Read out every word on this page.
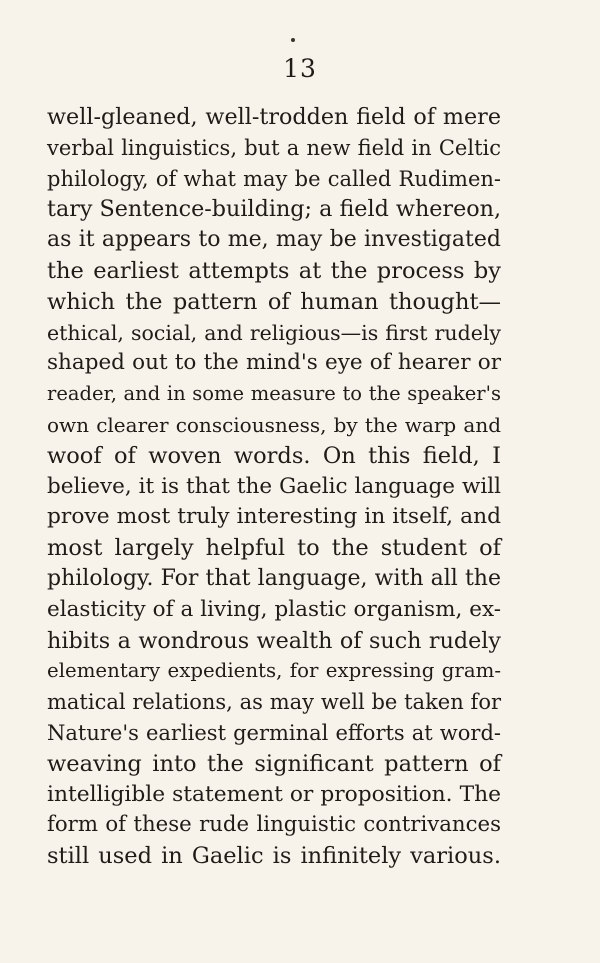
13
well-gleaned, well-trodden field of mere
verbal linguistics, but a new field in Celtic
philology, of what may be called Rudimen-
tary Sentence-building; a field whereon,
as it appears to me, may be investigated
the earliest attempts at the process by
which the pattern of human thought—
ethical, social, and religious—is first rudely
shaped out to the mind's eye of hearer or
reader, and in some measure to the speaker's
own clearer consciousness, by the warp and
woof of woven words. On this field, I
believe, it is that the Gaelic language will
prove most truly interesting in itself, and
most largely helpful to the student of
philology. For that language, with all the
elasticity of a living, plastic organism, ex-
hibits a wondrous wealth of such rudely
elementary expedients, for expressing gram-
matical relations, as may well be taken for
Nature's earliest germinal efforts at word-
weaving into the significant pattern of
intelligible statement or proposition. The
form of these rude linguistic contrivances
still used in Gaelic is infinitely various.
